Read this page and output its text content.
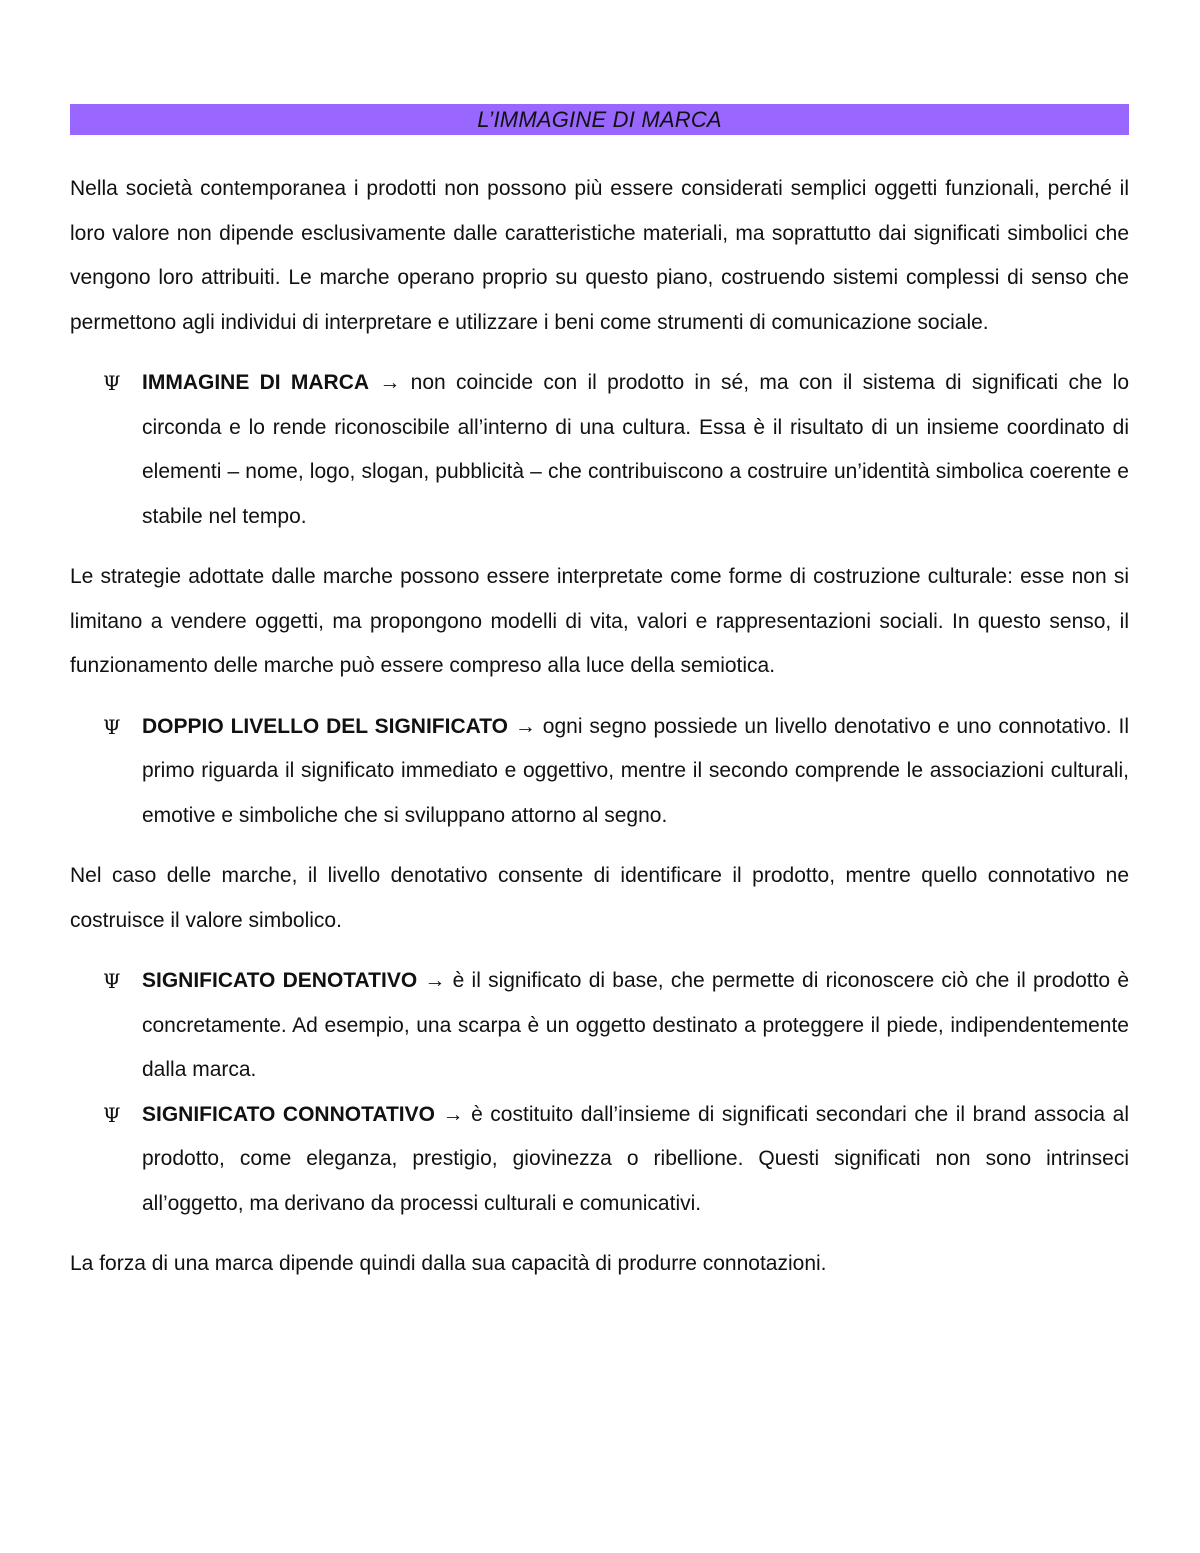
L’IMMAGINE DI MARCA

Nella società contemporanea i prodotti non possono più essere considerati semplici oggetti funzionali, perché il loro valore non dipende esclusivamente dalle caratteristiche materiali, ma soprattutto dai significati simbolici che vengono loro attribuiti. Le marche operano proprio su questo piano, costruendo sistemi complessi di senso che permettono agli individui di interpretare e utilizzare i beni come strumenti di comunicazione sociale.

Ψ IMMAGINE DI MARCA → non coincide con il prodotto in sé, ma con il sistema di significati che lo circonda e lo rende riconoscibile all’interno di una cultura. Essa è il risultato di un insieme coordinato di elementi – nome, logo, slogan, pubblicità – che contribuiscono a costruire un’identità simbolica coerente e stabile nel tempo.

Le strategie adottate dalle marche possono essere interpretate come forme di costruzione culturale: esse non si limitano a vendere oggetti, ma propongono modelli di vita, valori e rappresentazioni sociali. In questo senso, il funzionamento delle marche può essere compreso alla luce della semiotica.

Ψ DOPPIO LIVELLO DEL SIGNIFICATO → ogni segno possiede un livello denotativo e uno connotativo. Il primo riguarda il significato immediato e oggettivo, mentre il secondo comprende le associazioni culturali, emotive e simboliche che si sviluppano attorno al segno.

Nel caso delle marche, il livello denotativo consente di identificare il prodotto, mentre quello connotativo ne costruisce il valore simbolico.

Ψ SIGNIFICATO DENOTATIVO → è il significato di base, che permette di riconoscere ciò che il prodotto è concretamente. Ad esempio, una scarpa è un oggetto destinato a proteggere il piede, indipendentemente dalla marca.
Ψ SIGNIFICATO CONNOTATIVO → è costituito dall’insieme di significati secondari che il brand associa al prodotto, come eleganza, prestigio, giovinezza o ribellione. Questi significati non sono intrinseci all’oggetto, ma derivano da processi culturali e comunicativi.

La forza di una marca dipende quindi dalla sua capacità di produrre connotazioni.
